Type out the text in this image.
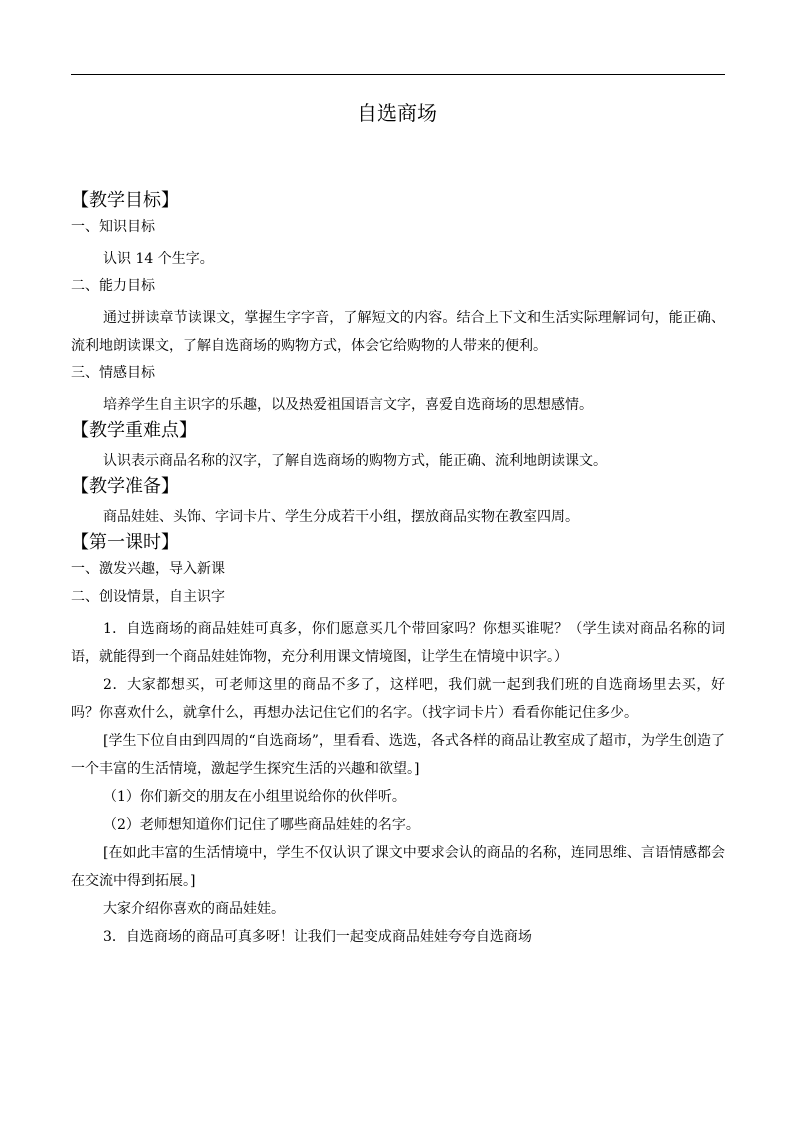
自选商场
【教学目标】
一、知识目标

认识 14 个生字。

二、能力目标

通过拼读章节读课文，掌握生字字音，了解短文的内容。结合上下文和生活实际理解词句，能正确、流利地朗读课文，了解自选商场的购物方式，体会它给购物的人带来的便利。

三、情感目标

培养学生自主识字的乐趣，以及热爱祖国语言文字，喜爱自选商场的思想感情。

【教学重难点】

认识表示商品名称的汉字，了解自选商场的购物方式，能正确、流利地朗读课文。

【教学准备】

商品娃娃、头饰、字词卡片、学生分成若干小组，摆放商品实物在教室四周。

【第一课时】
一、激发兴趣，导入新课
二、创设情景，自主识字

1．自选商场的商品娃娃可真多，你们愿意买几个带回家吗？你想买谁呢？（学生读对商品名称的词语，就能得到一个商品娃娃饰物，充分利用课文情境图，让学生在情境中识字。）

2．大家都想买，可老师这里的商品不多了，这样吧，我们就一起到我们班的自选商场里去买，好吗？你喜欢什么，就拿什么，再想办法记住它们的名字。（找字词卡片）看看你能记住多少。

[学生下位自由到四周的“自选商场”，里看看、选选，各式各样的商品让教室成了超市，为学生创造了一个丰富的生活情境，激起学生探究生活的兴趣和欲望。]

（1）你们新交的朋友在小组里说给你的伙伴听。

（2）老师想知道你们记住了哪些商品娃娃的名字。

[在如此丰富的生活情境中，学生不仅认识了课文中要求会认的商品的名称，连同思维、言语情感都会在交流中得到拓展。]

大家介绍你喜欢的商品娃娃。

3．自选商场的商品可真多呀！让我们一起变成商品娃娃夸夸自选商场
